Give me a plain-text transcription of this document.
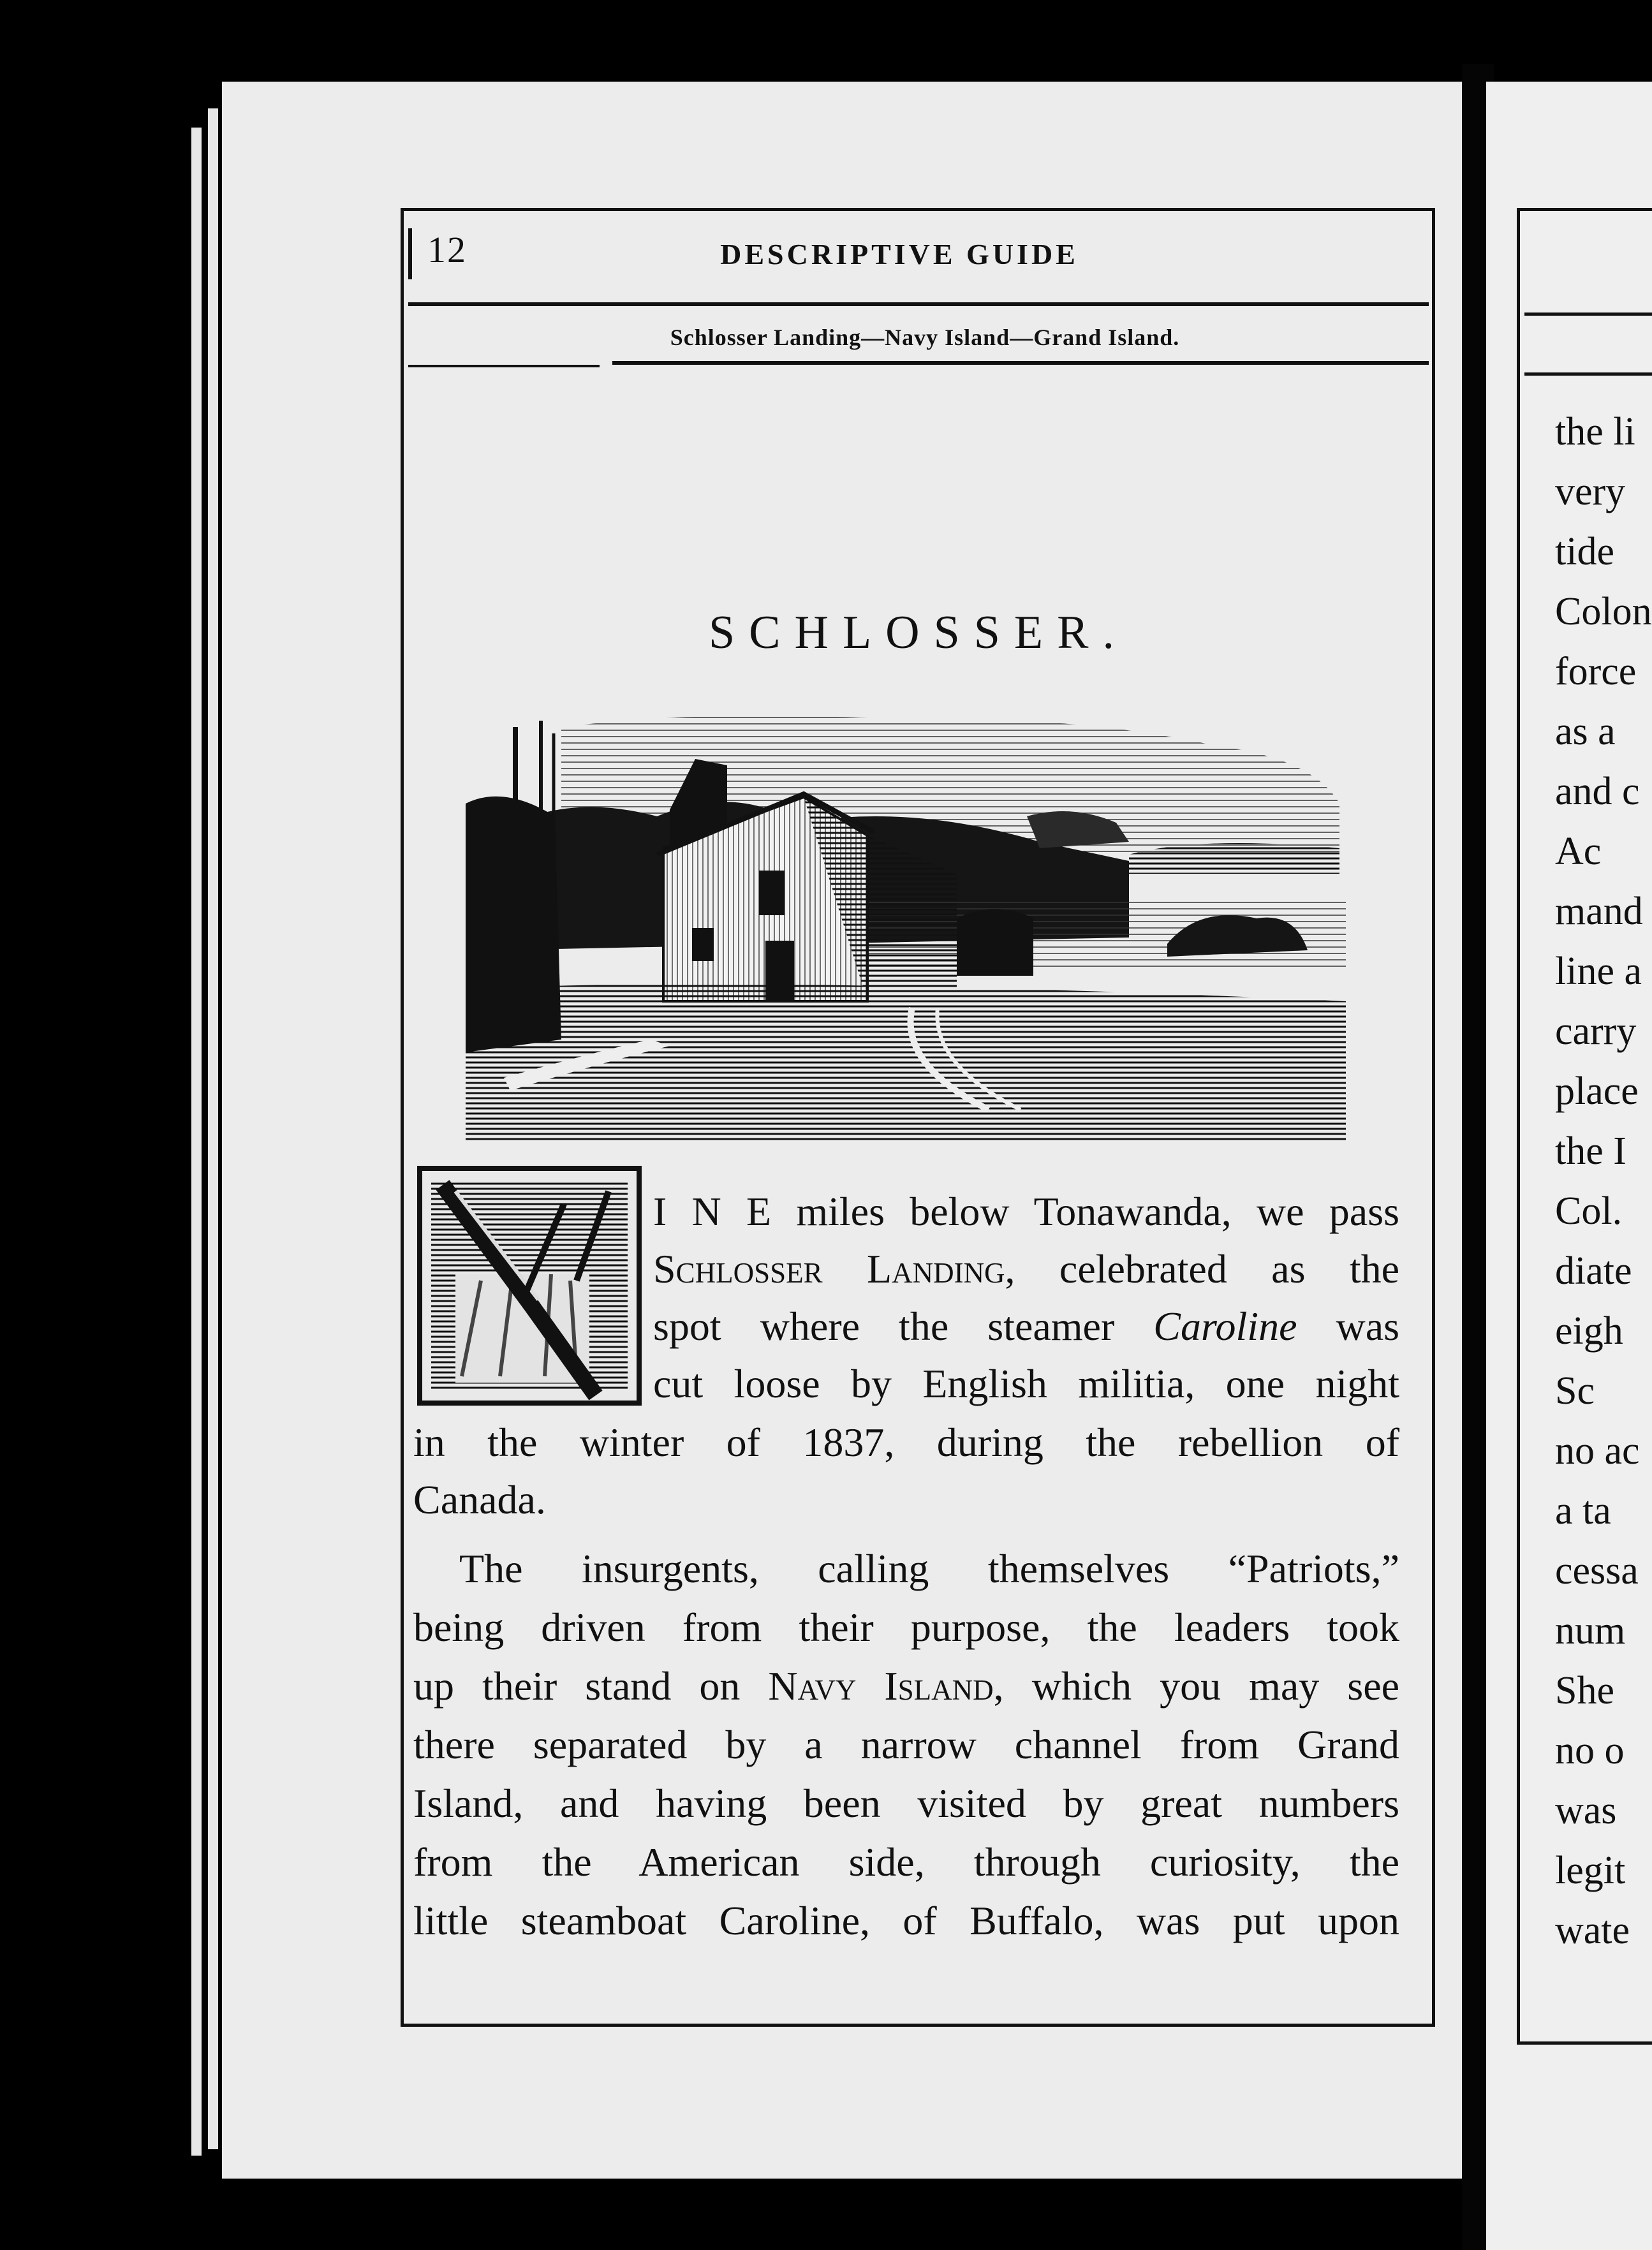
12	DESCRIPTIVE GUIDE
Schlosser Landing—Navy Island—Grand Island.
SCHLOSSER.
I N E miles below Tonawanda, we pass
Schlosser Landing, celebrated as the
spot where the steamer Caroline was
cut loose by English militia, one night
in the winter of 1837, during the rebellion of
Canada.
The insurgents, calling themselves “Patriots,”
being driven from their purpose, the leaders took
up their stand on Navy Island, which you may see
there separated by a narrow channel from Grand
Island, and having been visited by great numbers
from the American side, through curiosity, the
little steamboat Caroline, of Buffalo, was put upon
the li
very
tide
Colon
force
as a
and c
Ac
mand
line a
carry
place
the I
Col.
diate
eigh
Sc
no ac
a ta
cessa
num
She
no o
was
legit
wate
